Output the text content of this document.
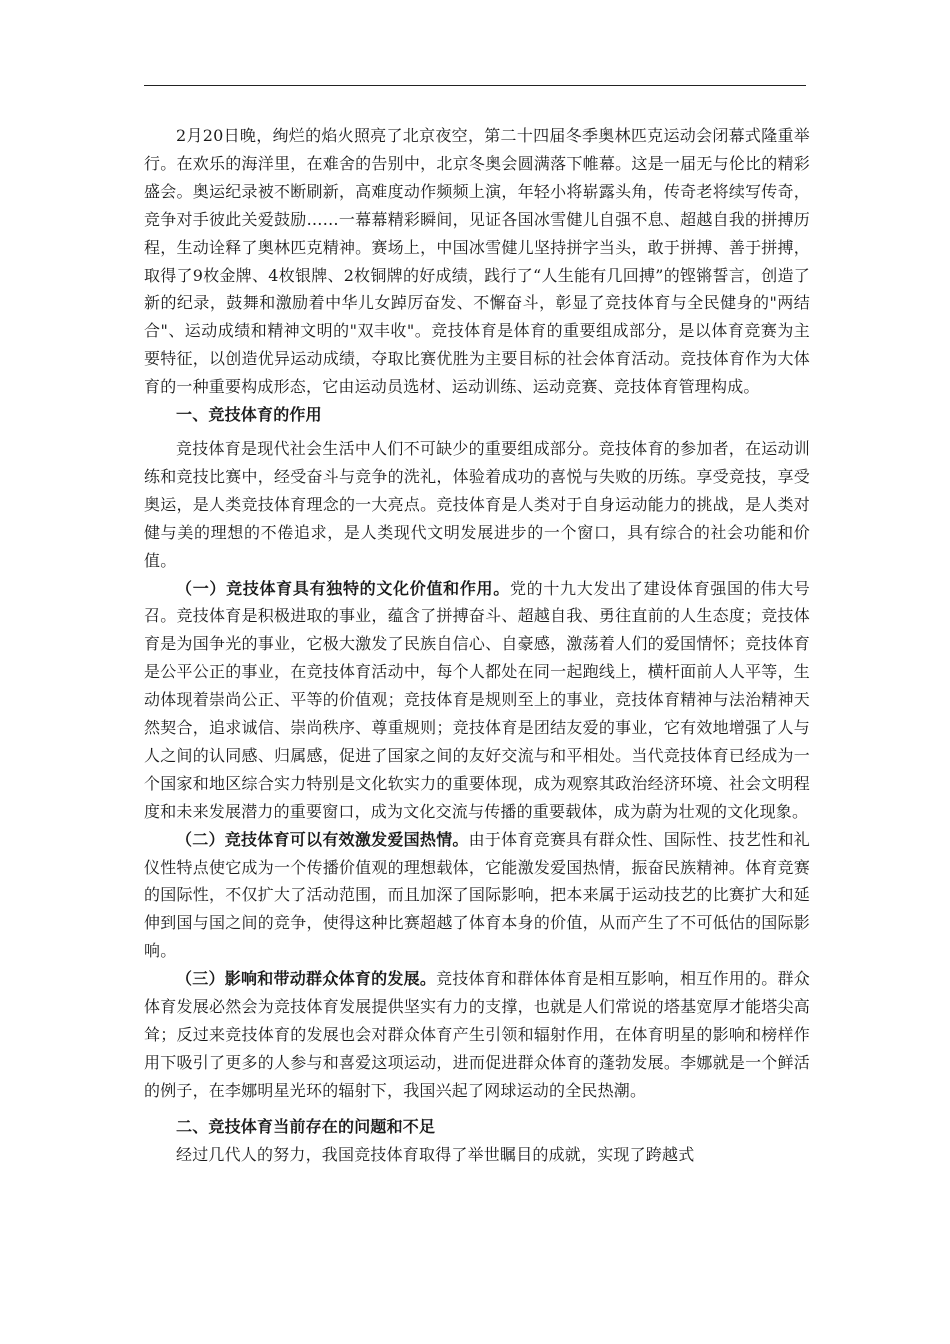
2月20日晚，绚烂的焰火照亮了北京夜空，第二十四届冬季奥林匹克运动会闭幕式隆重举行。在欢乐的海洋里，在难舍的告别中，北京冬奥会圆满落下帷幕。这是一届无与伦比的精彩盛会。奥运纪录被不断刷新，高难度动作频频上演，年轻小将崭露头角，传奇老将续写传奇，竞争对手彼此关爱鼓励……一幕幕精彩瞬间，见证各国冰雪健儿自强不息、超越自我的拼搏历程，生动诠释了奥林匹克精神。赛场上，中国冰雪健儿坚持拼字当头，敢于拼搏、善于拼搏，取得了9枚金牌、4枚银牌、2枚铜牌的好成绩，践行了“人生能有几回搏”的铿锵誓言，创造了新的纪录，鼓舞和激励着中华儿女踔厉奋发、不懈奋斗，彰显了竞技体育与全民健身的"两结合"、运动成绩和精神文明的"双丰收"。竞技体育是体育的重要组成部分，是以体育竞赛为主要特征，以创造优异运动成绩，夺取比赛优胜为主要目标的社会体育活动。竞技体育作为大体育的一种重要构成形态，它由运动员选材、运动训练、运动竞赛、竞技体育管理构成。

一、竞技体育的作用

竞技体育是现代社会生活中人们不可缺少的重要组成部分。竞技体育的参加者，在运动训练和竞技比赛中，经受奋斗与竞争的洗礼，体验着成功的喜悦与失败的历练。享受竞技，享受奥运，是人类竞技体育理念的一大亮点。竞技体育是人类对于自身运动能力的挑战，是人类对健与美的理想的不倦追求，是人类现代文明发展进步的一个窗口，具有综合的社会功能和价值。

（一）竞技体育具有独特的文化价值和作用。党的十九大发出了建设体育强国的伟大号召。竞技体育是积极进取的事业，蕴含了拼搏奋斗、超越自我、勇往直前的人生态度；竞技体育是为国争光的事业，它极大激发了民族自信心、自豪感，激荡着人们的爱国情怀；竞技体育是公平公正的事业，在竞技体育活动中，每个人都处在同一起跑线上，横杆面前人人平等，生动体现着崇尚公正、平等的价值观；竞技体育是规则至上的事业，竞技体育精神与法治精神天然契合，追求诚信、崇尚秩序、尊重规则；竞技体育是团结友爱的事业，它有效地增强了人与人之间的认同感、归属感，促进了国家之间的友好交流与和平相处。当代竞技体育已经成为一个国家和地区综合实力特别是文化软实力的重要体现，成为观察其政治经济环境、社会文明程度和未来发展潜力的重要窗口，成为文化交流与传播的重要载体，成为蔚为壮观的文化现象。

（二）竞技体育可以有效激发爱国热情。由于体育竞赛具有群众性、国际性、技艺性和礼仪性特点使它成为一个传播价值观的理想载体，它能激发爱国热情，振奋民族精神。体育竞赛的国际性，不仅扩大了活动范围，而且加深了国际影响，把本来属于运动技艺的比赛扩大和延伸到国与国之间的竞争，使得这种比赛超越了体育本身的价值，从而产生了不可低估的国际影响。

（三）影响和带动群众体育的发展。竞技体育和群体体育是相互影响，相互作用的。群众体育发展必然会为竞技体育发展提供坚实有力的支撑，也就是人们常说的塔基宽厚才能塔尖高耸；反过来竞技体育的发展也会对群众体育产生引领和辐射作用，在体育明星的影响和榜样作用下吸引了更多的人参与和喜爱这项运动，进而促进群众体育的蓬勃发展。李娜就是一个鲜活的例子，在李娜明星光环的辐射下，我国兴起了网球运动的全民热潮。

二、竞技体育当前存在的问题和不足

经过几代人的努力，我国竞技体育取得了举世瞩目的成就，实现了跨越式
